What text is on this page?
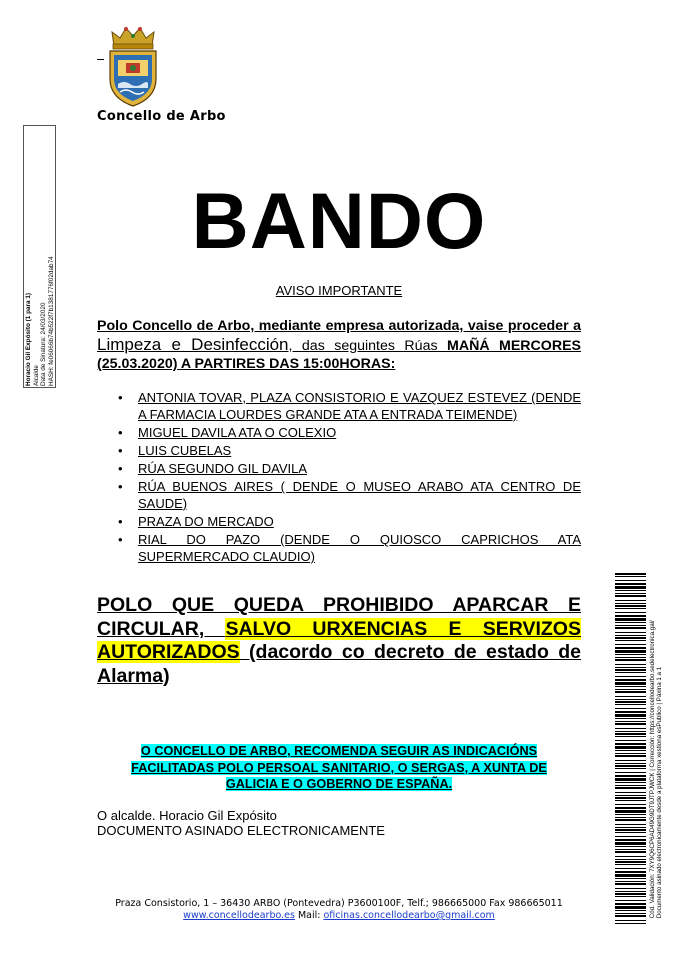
Concello de Arbo
Horacio Gil Expósito (1 para 1) Alcalde Data de Sinatura: 24/03/2020 HASH: fe06066b74b522f7b1381776f02dab74
BANDO
AVISO IMPORTANTE
Polo Concello de Arbo, mediante empresa autorizada, vaise proceder a Limpeza e Desinfección, das seguintes Rúas MAÑÁ MERCORES (25.03.2020) A PARTIRES DAS 15:00HORAS:
• ANTONIA TOVAR, PLAZA CONSISTORIO E VAZQUEZ ESTEVEZ (DENDE A FARMACIA LOURDES GRANDE ATA A ENTRADA TEIMENDE)
• MIGUEL DAVILA ATA O COLEXIO
• LUIS CUBELAS
• RÚA SEGUNDO GIL DAVILA
• RÚA BUENOS AIRES ( DENDE O MUSEO ARABO ATA CENTRO DE SAUDE)
• PRAZA DO MERCADO
• RIAL DO PAZO (DENDE O QUIOSCO CAPRICHOS ATA SUPERMERCADO CLAUDIO)
POLO QUE QUEDA PROHIBIDO APARCAR E CIRCULAR, SALVO URXENCIAS E SERVIZOS AUTORIZADOS (dacordo co decreto de estado de Alarma)
O CONCELLO DE ARBO, RECOMENDA SEGUIR AS INDICACIÓNS FACILITADAS POLO PERSOAL SANITARIO, O SERGAS, A XUNTA DE GALICIA E O GOBERNO DE ESPAÑA.
O alcalde. Horacio Gil Expósito
DOCUMENTO ASINADO ELECTRONICAMENTE
Praza Consistorio, 1 – 36430 ARBO (Pontevedra) P3600100F, Telf.; 986665000 Fax 986665011
www.concellodearbo.es Mail: oficinas.concellodearbo@gmail.com	Cód. Validación: 7XY9Q6CP6AD49G9DT9JTPJWCK | Corrección: https://concellodearbo.sedelectronica.gal/ Documento asinado electronicamente desde a plataforma xestiona esPublico | Páxina 1 a 1
